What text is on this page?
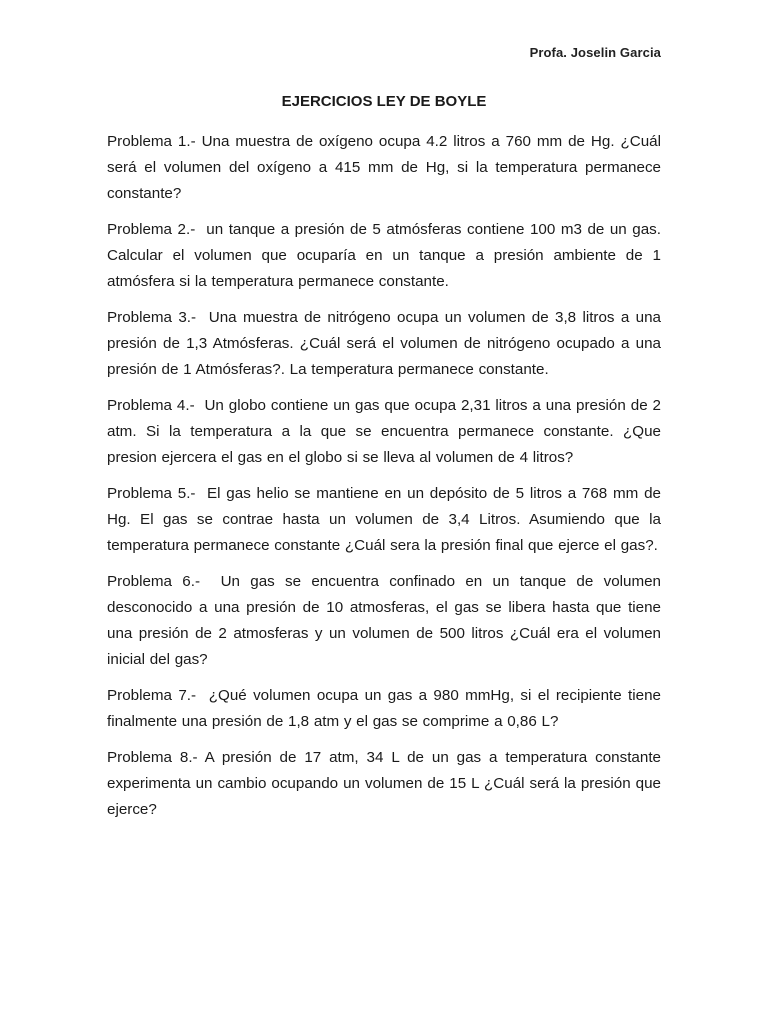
Profa. Joselin Garcia
EJERCICIOS LEY DE BOYLE

Problema 1.- Una muestra de oxígeno ocupa 4.2 litros a 760 mm de Hg. ¿Cuál será el volumen del oxígeno a 415 mm de Hg, si la temperatura permanece constante?

Problema 2.-  un tanque a presión de 5 atmósferas contiene 100 m3 de un gas. Calcular el volumen que ocuparía en un tanque a presión ambiente de 1 atmósfera si la temperatura permanece constante.

Problema 3.-  Una muestra de nitrógeno ocupa un volumen de 3,8 litros a una presión de 1,3 Atmósferas. ¿Cuál será el volumen de nitrógeno ocupado a una presión de 1 Atmósferas?. La temperatura permanece constante.

Problema 4.-  Un globo contiene un gas que ocupa 2,31 litros a una presión de 2 atm. Si la temperatura a la que se encuentra permanece constante. ¿Que presion ejercera el gas en el globo si se lleva al volumen de 4 litros?

Problema 5.-  El gas helio se mantiene en un depósito de 5 litros a 768 mm de Hg. El gas se contrae hasta un volumen de 3,4 Litros. Asumiendo que la temperatura permanece constante ¿Cuál sera la presión final que ejerce el gas?.

Problema 6.-  Un gas se encuentra confinado en un tanque de volumen desconocido a una presión de 10 atmosferas, el gas se libera hasta que tiene una presión de 2 atmosferas y un volumen de 500 litros ¿Cuál era el volumen inicial del gas?

Problema 7.-  ¿Qué volumen ocupa un gas a 980 mmHg, si el recipiente tiene finalmente una presión de 1,8 atm y el gas se comprime a 0,86 L?

Problema 8.- A presión de 17 atm, 34 L de un gas a temperatura constante experimenta un cambio ocupando un volumen de 15 L ¿Cuál será la presión que ejerce?
